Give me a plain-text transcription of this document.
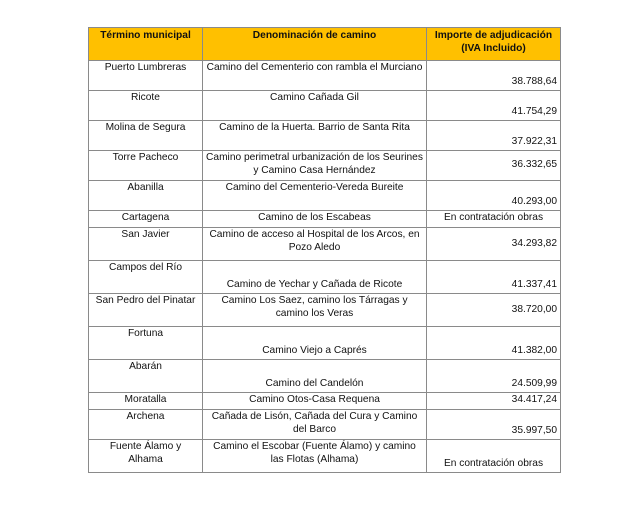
Término municipal	Denominación de camino	Importe de adjudicación (IVA Incluido)
Puerto Lumbreras	Camino del Cementerio con rambla el Murciano	38.788,64
Ricote	Camino Cañada Gil	41.754,29
Molina de Segura	Camino de la Huerta. Barrio de Santa Rita	37.922,31
Torre Pacheco	Camino perimetral urbanización de los Seurines y Camino Casa Hernández	36.332,65
Abanilla	Camino del Cementerio-Vereda Bureite	40.293,00
Cartagena	Camino de los Escabeas	En contratación obras
San Javier	Camino de acceso al Hospital de los Arcos, en Pozo Aledo	34.293,82
Campos del Río	Camino de Yechar y Cañada de Ricote	41.337,41
San Pedro del Pinatar	Camino Los Saez, camino los Tárragas y camino los Veras	38.720,00
Fortuna	Camino Viejo a Caprés	41.382,00
Abarán	Camino del Candelón	24.509,99
Moratalla	Camino Otos-Casa Requena	34.417,24
Archena	Cañada de Lisón, Cañada del Cura y Camino del Barco	35.997,50
Fuente Álamo y Alhama	Camino el Escobar (Fuente Álamo) y camino las Flotas (Alhama)	En contratación obras
